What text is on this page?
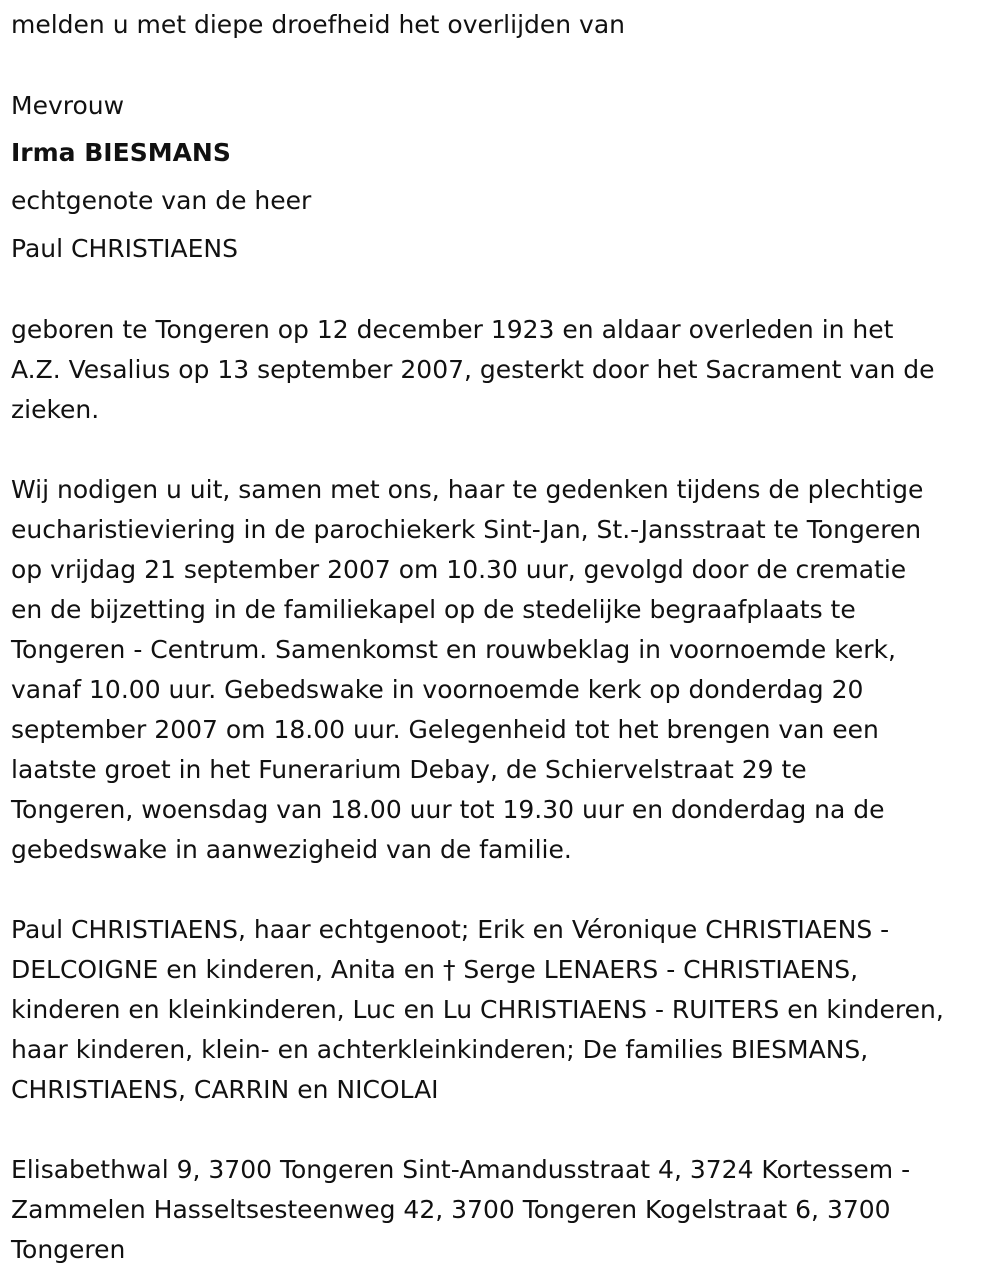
melden u met diepe droefheid het overlijden van

Mevrouw

Irma BIESMANS

echtgenote van de heer

Paul CHRISTIAENS

geboren te Tongeren op 12 december 1923 en aldaar overleden in het
A.Z. Vesalius op 13 september 2007, gesterkt door het Sacrament van de
zieken.
Wij nodigen u uit, samen met ons, haar te gedenken tijdens de plechtige
eucharistieviering in de parochiekerk Sint-Jan, St.-Jansstraat te Tongeren
op vrijdag 21 september 2007 om 10.30 uur, gevolgd door de crematie
en de bijzetting in de familiekapel op de stedelijke begraafplaats te
Tongeren - Centrum. Samenkomst en rouwbeklag in voornoemde kerk,
vanaf 10.00 uur. Gebedswake in voornoemde kerk op donderdag 20
september 2007 om 18.00 uur. Gelegenheid tot het brengen van een
laatste groet in het Funerarium Debay, de Schiervelstraat 29 te
Tongeren, woensdag van 18.00 uur tot 19.30 uur en donderdag na de
gebedswake in aanwezigheid van de familie.
Paul CHRISTIAENS, haar echtgenoot; Erik en Véronique CHRISTIAENS -
DELCOIGNE en kinderen, Anita en † Serge LENAERS - CHRISTIAENS,
kinderen en kleinkinderen, Luc en Lu CHRISTIAENS - RUITERS en kinderen,
haar kinderen, klein- en achterkleinkinderen; De families BIESMANS,
CHRISTIAENS, CARRIN en NICOLAI
Elisabethwal 9, 3700 Tongeren Sint-Amandusstraat 4, 3724 Kortessem -
Zammelen Hasseltsesteenweg 42, 3700 Tongeren Kogelstraat 6, 3700
Tongeren
